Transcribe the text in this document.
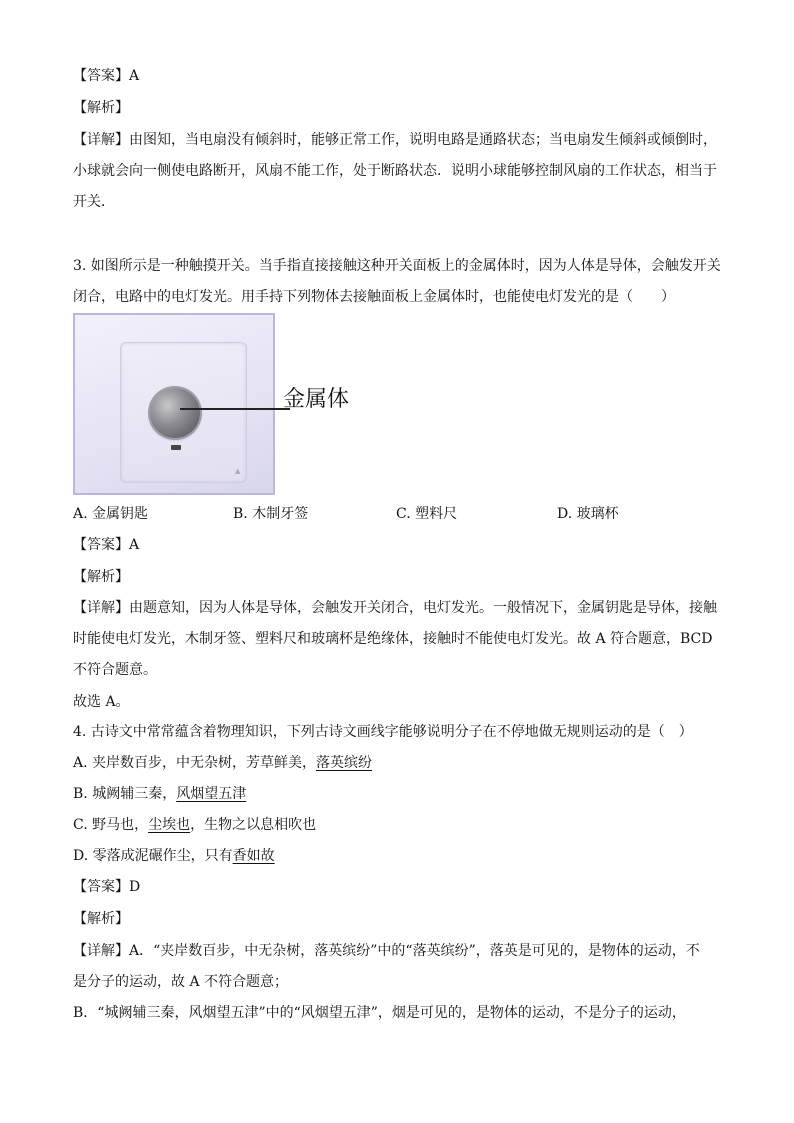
【答案】A
【解析】
【详解】由图知，当电扇没有倾斜时，能够正常工作，说明电路是通路状态；当电扇发生倾斜或倾倒时，
小球就会向一侧使电路断开，风扇不能工作，处于断路状态．说明小球能够控制风扇的工作状态，相当于
开关．
3. 如图所示是一种触摸开关。当手指直接接触这种开关面板上的金属体时，因为人体是导体，会触发开关
闭合，电路中的电灯发光。用手持下列物体去接触面板上金属体时，也能使电灯发光的是（　　）
▲
金属体
A. 金属钥匙	B. 木制牙签	C. 塑料尺	D. 玻璃杯
【答案】A
【解析】
【详解】由题意知，因为人体是导体，会触发开关闭合，电灯发光。一般情况下，金属钥匙是导体，接触
时能使电灯发光，木制牙签、塑料尺和玻璃杯是绝缘体，接触时不能使电灯发光。故 A 符合题意，BCD
不符合题意。
故选 A。
4. 古诗文中常常蕴含着物理知识，下列古诗文画线字能够说明分子在不停地做无规则运动的是（　）
A. 夹岸数百步，中无杂树，芳草鲜美，落英缤纷
B. 城阙辅三秦，风烟望五津
C. 野马也，尘埃也，生物之以息相吹也
D. 零落成泥碾作尘，只有香如故
【答案】D
【解析】
【详解】A．“夹岸数百步，中无杂树，落英缤纷”中的“落英缤纷”，落英是可见的，是物体的运动，不
是分子的运动，故 A 不符合题意；
B．“城阙辅三秦，风烟望五津”中的“风烟望五津”，烟是可见的，是物体的运动，不是分子的运动，
